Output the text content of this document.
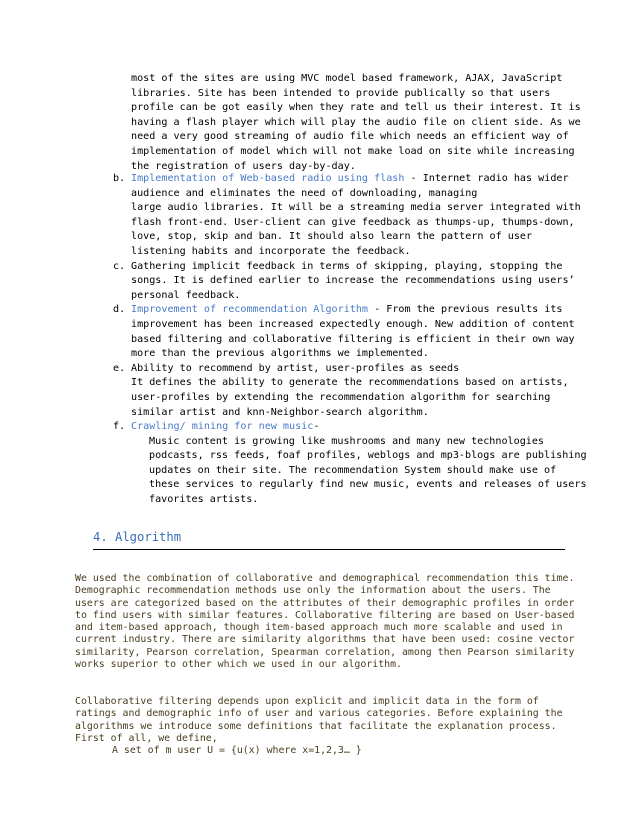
most of the sites are using MVC model based framework, AJAX, JavaScript

libraries. Site has been intended to provide publically so that users

profile can be got easily when they rate and tell us their interest. It is

having a flash player which will play the audio file on client side. As we

need a very good streaming of audio file which needs an efficient way of

implementation of model which will not make load on site while increasing

the registration of users day-by-day.

b. Implementation of Web-based radio using flash - Internet radio has wider

audience and eliminates the need of downloading, managing

large audio libraries. It will be a streaming media server integrated with

flash front-end. User-client can give feedback as thumps-up, thumps-down,

love, stop, skip and ban. It should also learn the pattern of user

listening habits and incorporate the feedback.

c. Gathering implicit feedback in terms of skipping, playing, stopping the

songs. It is defined earlier to increase the recommendations using users’

personal feedback.

d. Improvement of recommendation Algorithm - From the previous results its

improvement has been increased expectedly enough. New addition of content

based filtering and collaborative filtering is efficient in their own way

more than the previous algorithms we implemented.

e. Ability to recommend by artist, user-profiles as seeds

It defines the ability to generate the recommendations based on artists,

user-profiles by extending the recommendation algorithm for searching

similar artist and knn-Neighbor-search algorithm.

f. Crawling/ mining for new music-

Music content is growing like mushrooms and many new technologies

podcasts, rss feeds, foaf profiles, weblogs and mp3-blogs are publishing

updates on their site. The recommendation System should make use of

these services to regularly find new music, events and releases of users

favorites artists.

4. Algorithm

We used the combination of collaborative and demographical recommendation this time.

Demographic recommendation methods use only the information about the users. The

users are categorized based on the attributes of their demographic profiles in order

to find users with similar features. Collaborative filtering are based on User-based

and item-based approach, though item-based approach much more scalable and used in

current industry. There are similarity algorithms that have been used: cosine vector

similarity, Pearson correlation, Spearman correlation, among then Pearson similarity

works superior to other which we used in our algorithm.

Collaborative filtering depends upon explicit and implicit data in the form of

ratings and demographic info of user and various categories. Before explaining the

algorithms we introduce some definitions that facilitate the explanation process.

First of all, we define,

A set of m user U = {u(x) where x=1,2,3… }
